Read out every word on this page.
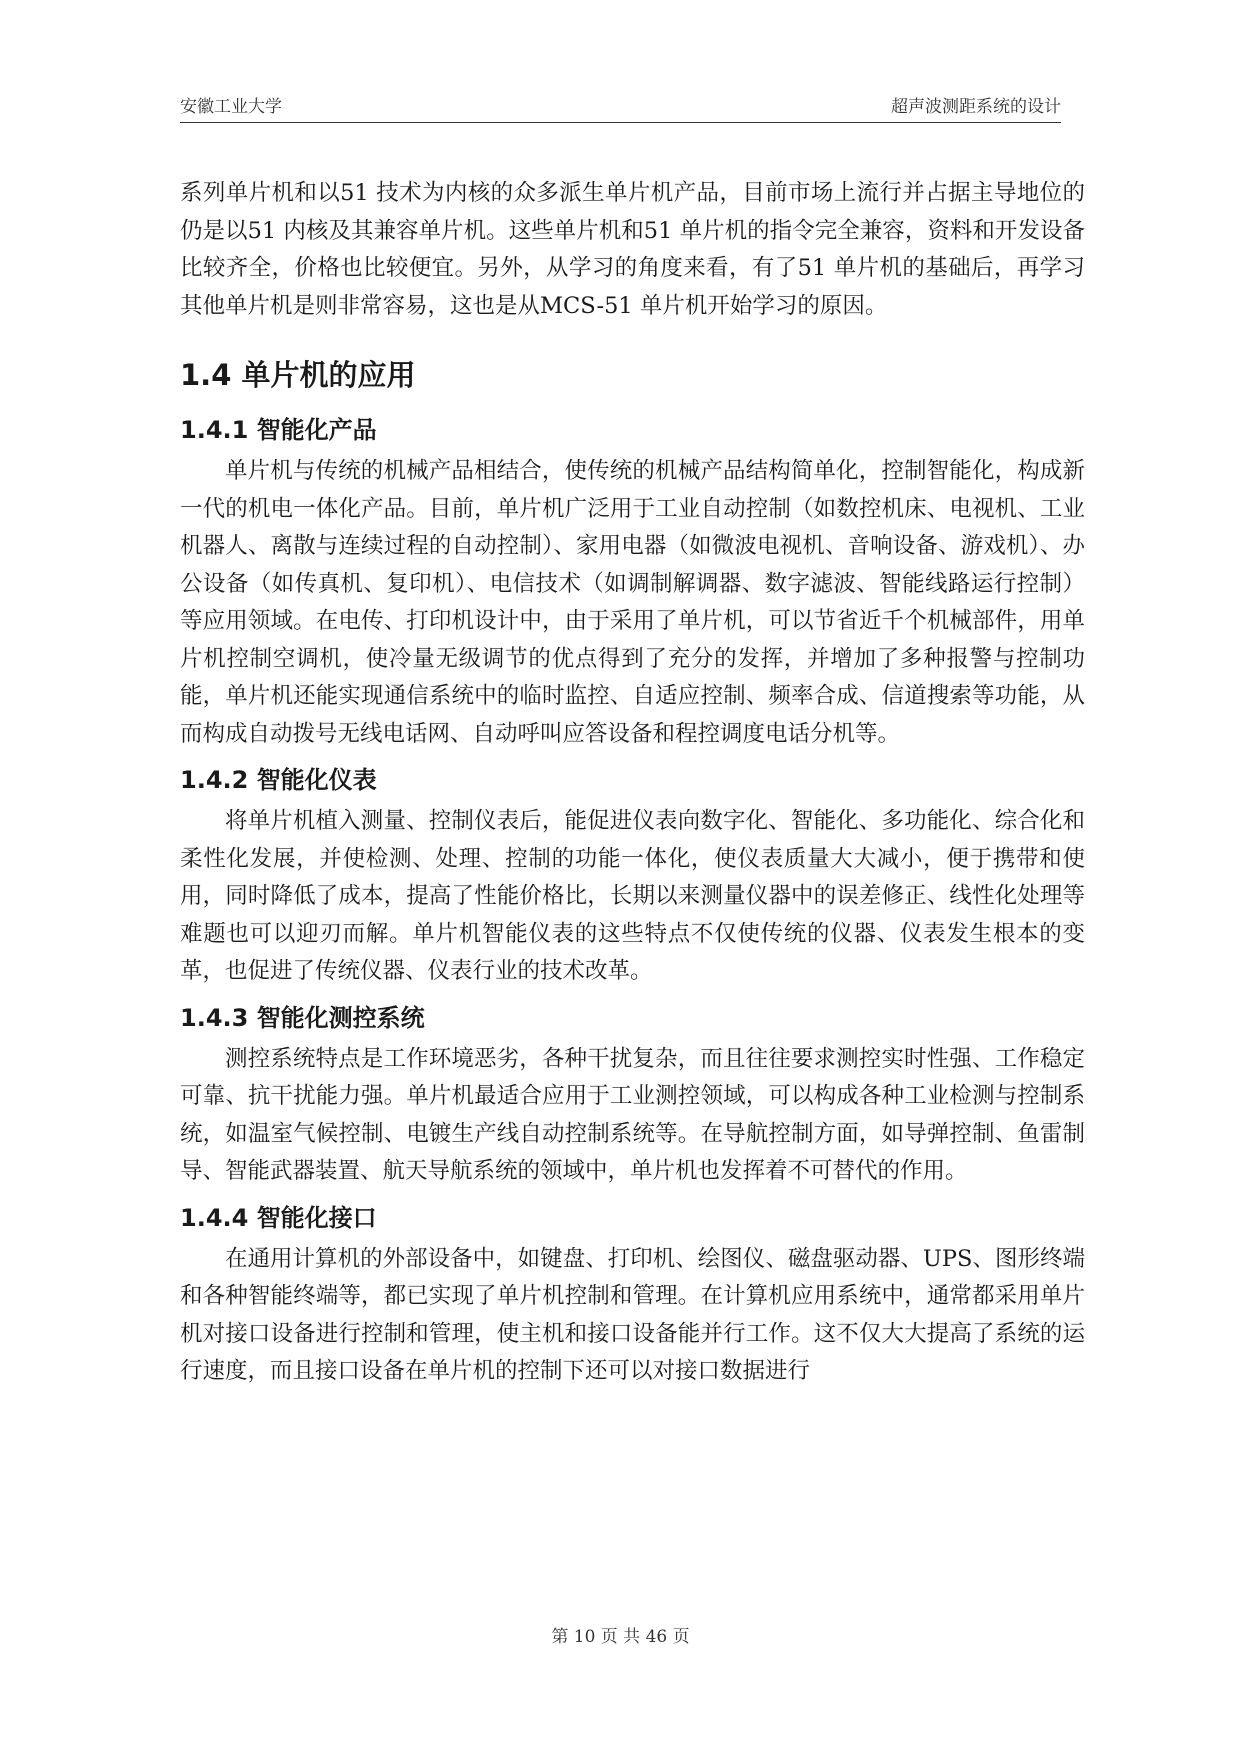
安徽工业大学	超声波测距系统的设计

系列单片机和以51 技术为内核的众多派生单片机产品，目前市场上流行并占据主导地位的仍是以51 内核及其兼容单片机。这些单片机和51 单片机的指令完全兼容，资料和开发设备比较齐全，价格也比较便宜。另外，从学习的角度来看，有了51 单片机的基础后，再学习其他单片机是则非常容易，这也是从MCS-51 单片机开始学习的原因。

1.4 单片机的应用
1.4.1 智能化产品

单片机与传统的机械产品相结合，使传统的机械产品结构简单化，控制智能化，构成新一代的机电一体化产品。目前，单片机广泛用于工业自动控制（如数控机床、电视机、工业机器人、离散与连续过程的自动控制）、家用电器（如微波电视机、音响设备、游戏机）、办公设备（如传真机、复印机）、电信技术（如调制解调器、数字滤波、智能线路运行控制）等应用领域。在电传、打印机设计中，由于采用了单片机，可以节省近千个机械部件，用单片机控制空调机，使冷量无级调节的优点得到了充分的发挥，并增加了多种报警与控制功能，单片机还能实现通信系统中的临时监控、自适应控制、频率合成、信道搜索等功能，从而构成自动拨号无线电话网、自动呼叫应答设备和程控调度电话分机等。

1.4.2 智能化仪表

将单片机植入测量、控制仪表后，能促进仪表向数字化、智能化、多功能化、综合化和柔性化发展，并使检测、处理、控制的功能一体化，使仪表质量大大减小，便于携带和使用，同时降低了成本，提高了性能价格比，长期以来测量仪器中的误差修正、线性化处理等难题也可以迎刃而解。单片机智能仪表的这些特点不仅使传统的仪器、仪表发生根本的变革，也促进了传统仪器、仪表行业的技术改革。

1.4.3 智能化测控系统

测控系统特点是工作环境恶劣，各种干扰复杂，而且往往要求测控实时性强、工作稳定可靠、抗干扰能力强。单片机最适合应用于工业测控领域，可以构成各种工业检测与控制系统，如温室气候控制、电镀生产线自动控制系统等。在导航控制方面，如导弹控制、鱼雷制导、智能武器装置、航天导航系统的领域中，单片机也发挥着不可替代的作用。

1.4.4 智能化接口

在通用计算机的外部设备中，如键盘、打印机、绘图仪、磁盘驱动器、UPS、图形终端和各种智能终端等，都已实现了单片机控制和管理。在计算机应用系统中，通常都采用单片机对接口设备进行控制和管理，使主机和接口设备能并行工作。这不仅大大提高了系统的运行速度，而且接口设备在单片机的控制下还可以对接口数据进行

第 10 页 共 46 页
